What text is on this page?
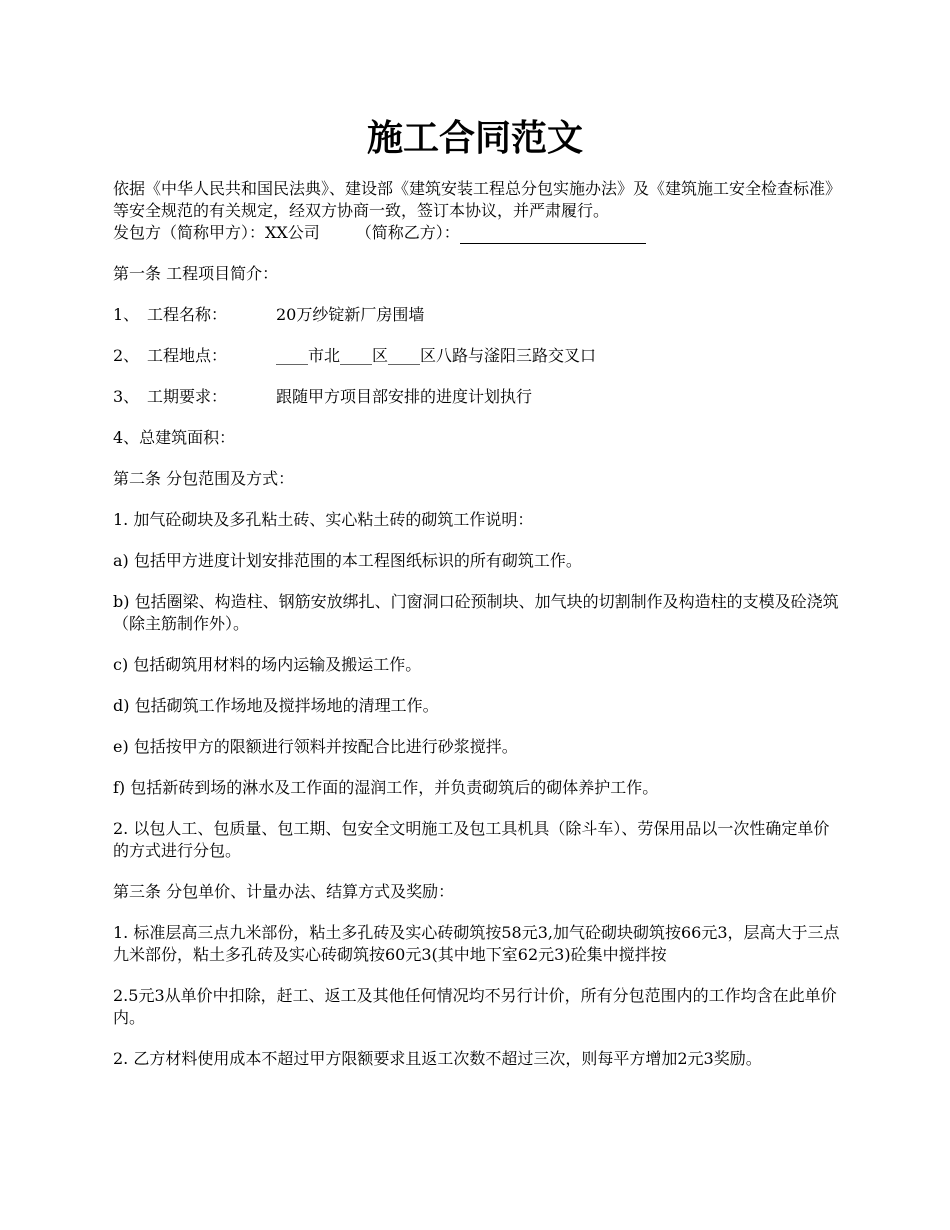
施工合同范文

依据《中华人民共和国民法典》、建设部《建筑安装工程总分包实施办法》及《建筑施工安全检查标准》等安全规范的有关规定，经双方协商一致，签订本协议，并严肃履行。

发包方（简称甲方）：XX公司 （简称乙方）：

第一条 工程项目简介：

1、 工程名称：	20万纱锭新厂房围墙
2、 工程地点：	____市北____区____区八路与滏阳三路交叉口
3、 工期要求：	跟随甲方项目部安排的进度计划执行

4、总建筑面积：

第二条 分包范围及方式：

1. 加气砼砌块及多孔粘土砖、实心粘土砖的砌筑工作说明：

a) 包括甲方进度计划安排范围的本工程图纸标识的所有砌筑工作。

b) 包括圈梁、构造柱、钢筋安放绑扎、门窗洞口砼预制块、加气块的切割制作及构造柱的支模及砼浇筑（除主筋制作外）。

c) 包括砌筑用材料的场内运输及搬运工作。

d) 包括砌筑工作场地及搅拌场地的清理工作。

e) 包括按甲方的限额进行领料并按配合比进行砂浆搅拌。

f) 包括新砖到场的淋水及工作面的湿润工作，并负责砌筑后的砌体养护工作。

2. 以包人工、包质量、包工期、包安全文明施工及包工具机具（除斗车）、劳保用品以一次性确定单价的方式进行分包。

第三条 分包单价、计量办法、结算方式及奖励：

1. 标准层高三点九米部份，粘土多孔砖及实心砖砌筑按58元3,加气砼砌块砌筑按66元3，层高大于三点九米部份，粘土多孔砖及实心砖砌筑按60元3(其中地下室62元3)砼集中搅拌按

2.5元3从单价中扣除，赶工、返工及其他任何情况均不另行计价，所有分包范围内的工作均含在此单价内。

2. 乙方材料使用成本不超过甲方限额要求且返工次数不超过三次，则每平方增加2元3奖励。
